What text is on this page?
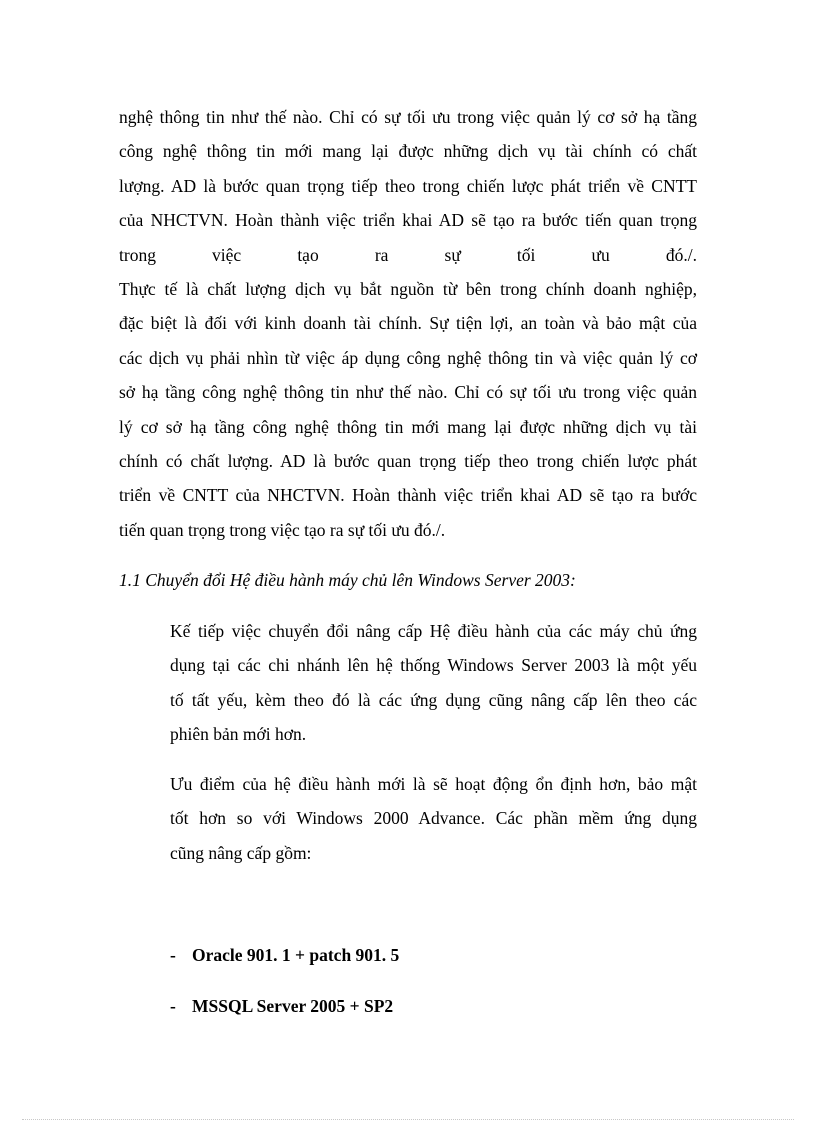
nghệ thông tin như thế nào. Chỉ có sự tối ưu trong việc quản lý cơ sở hạ tầng
công nghệ thông tin mới mang lại được những dịch vụ tài chính có chất
lượng. AD là bước quan trọng tiếp theo trong chiến lược phát triển về CNTT
của NHCTVN. Hoàn thành việc triển khai AD sẽ tạo ra bước tiến quan trọng
trong việc tạo ra sự tối ưu đó./.
Thực tế là chất lượng dịch vụ bắt nguồn từ bên trong chính doanh nghiệp,
đặc biệt là đối với kinh doanh tài chính. Sự tiện lợi, an toàn và bảo mật của
các dịch vụ phải nhìn từ việc áp dụng công nghệ thông tin và việc quản lý cơ
sở hạ tầng công nghệ thông tin như thế nào. Chỉ có sự tối ưu trong việc quản
lý cơ sở hạ tầng công nghệ thông tin mới mang lại được những dịch vụ tài
chính có chất lượng. AD là bước quan trọng tiếp theo trong chiến lược phát
triển về CNTT của NHCTVN. Hoàn thành việc triển khai AD sẽ tạo ra bước
tiến quan trọng trong việc tạo ra sự tối ưu đó./.

1.1 Chuyển đổi Hệ điều hành máy chủ lên Windows Server 2003:

Kế tiếp việc chuyển đổi nâng cấp Hệ điều hành của các máy chủ ứng
dụng tại các chi nhánh lên hệ thống Windows Server 2003 là một yếu
tố tất yếu, kèm theo đó là các ứng dụng cũng nâng cấp lên theo các
phiên bản mới hơn.
Ưu điểm của hệ điều hành mới là sẽ hoạt động ổn định hơn, bảo mật
tốt hơn so với Windows 2000 Advance. Các phần mềm ứng dụng
cũng nâng cấp gồm:

- Oracle 901. 1 + patch 901. 5

- MSSQL Server 2005 + SP2
